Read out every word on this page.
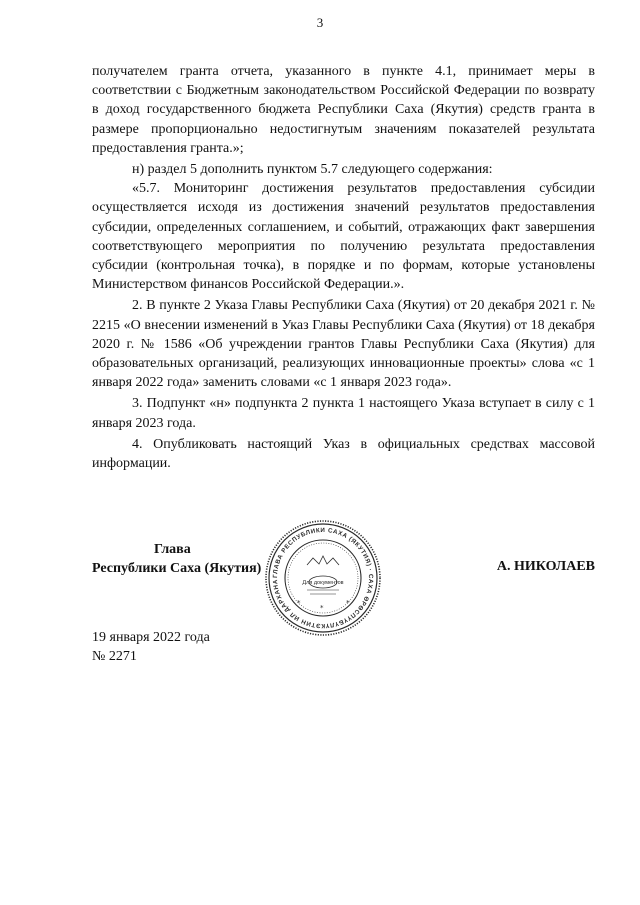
3

получателем гранта отчета, указанного в пункте 4.1, принимает меры в соответствии с Бюджетным законодательством Российской Федерации по возврату в доход государственного бюджета Республики Саха (Якутия) средств гранта в размере пропорционально недостигнутым значениям показателей результата предоставления гранта.»;

н) раздел 5 дополнить пунктом 5.7 следующего содержания:

«5.7. Мониторинг достижения результатов предоставления субсидии осуществляется исходя из достижения значений результатов предоставления субсидии, определенных соглашением, и событий, отражающих факт завершения соответствующего мероприятия по получению результата предоставления субсидии (контрольная точка), в порядке и по формам, которые установлены Министерством финансов Российской Федерации.».

2. В пункте 2 Указа Главы Республики Саха (Якутия) от 20 декабря 2021 г. № 2215 «О внесении изменений в Указ Главы Республики Саха (Якутия) от 18 декабря 2020 г. № 1586 «Об учреждении грантов Главы Республики Саха (Якутия) для образовательных организаций, реализующих инновационные проекты» слова «с 1 января 2022 года» заменить словами «с 1 января 2023 года».

3. Подпункт «н» подпункта 2 пункта 1 настоящего Указа вступает в силу с 1 января 2023 года.

4. Опубликовать настоящий Указ в официальных средствах массовой информации.

Глава
Республики Саха (Якутия)
ГЛАВА РЕСПУБЛИКИ САХА (ЯКУТИЯ) · САХА ӨРӨСПҮҮБҮЛҮКЭТИН ИЛ ДАРХАНА	Для документов
*	*
*
А. НИКОЛАЕВ
19 января 2022 года
№ 2271
